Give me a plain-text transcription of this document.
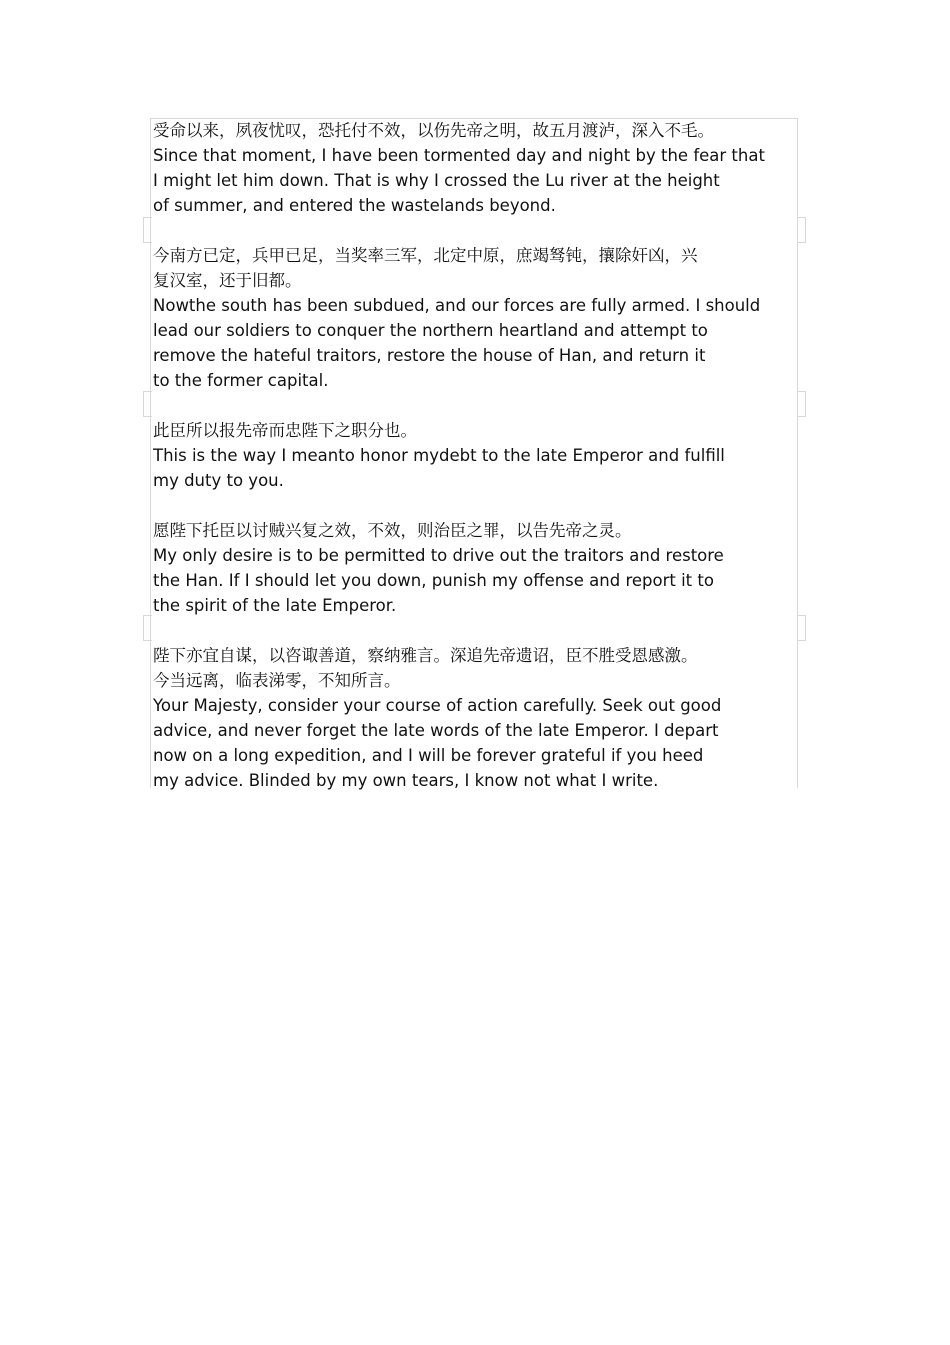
受命以来，夙夜忧叹，恐托付不效，以伤先帝之明，故五月渡泸，深入不毛。
Since that moment, I have been tormented day and night by the fear that
I might let him down. That is why I crossed the Lu river at the height
of summer, and entered the wastelands beyond.
今南方已定，兵甲已足，当奖率三军，北定中原，庶竭驽钝，攘除奸凶，兴
复汉室，还于旧都。
Nowthe south has been subdued, and our forces are fully armed. I should
lead our soldiers to conquer the northern heartland and attempt to
remove the hateful traitors, restore the house of Han, and return it
to the former capital.
此臣所以报先帝而忠陛下之职分也。
This is the way I meanto honor mydebt to the late Emperor and fulfill
my duty to you.
愿陛下托臣以讨贼兴复之效，不效，则治臣之罪，以告先帝之灵。
My only desire is to be permitted to drive out the traitors and restore
the Han. If I should let you down, punish my offense and report it to
the spirit of the late Emperor.
陛下亦宜自谋，以咨诹善道，察纳雅言。深追先帝遗诏，臣不胜受恩感激。
今当远离，临表涕零，不知所言。
Your Majesty, consider your course of action carefully. Seek out good
advice, and never forget the late words of the late Emperor. I depart
now on a long expedition, and I will be forever grateful if you heed
my advice. Blinded by my own tears, I know not what I write.
